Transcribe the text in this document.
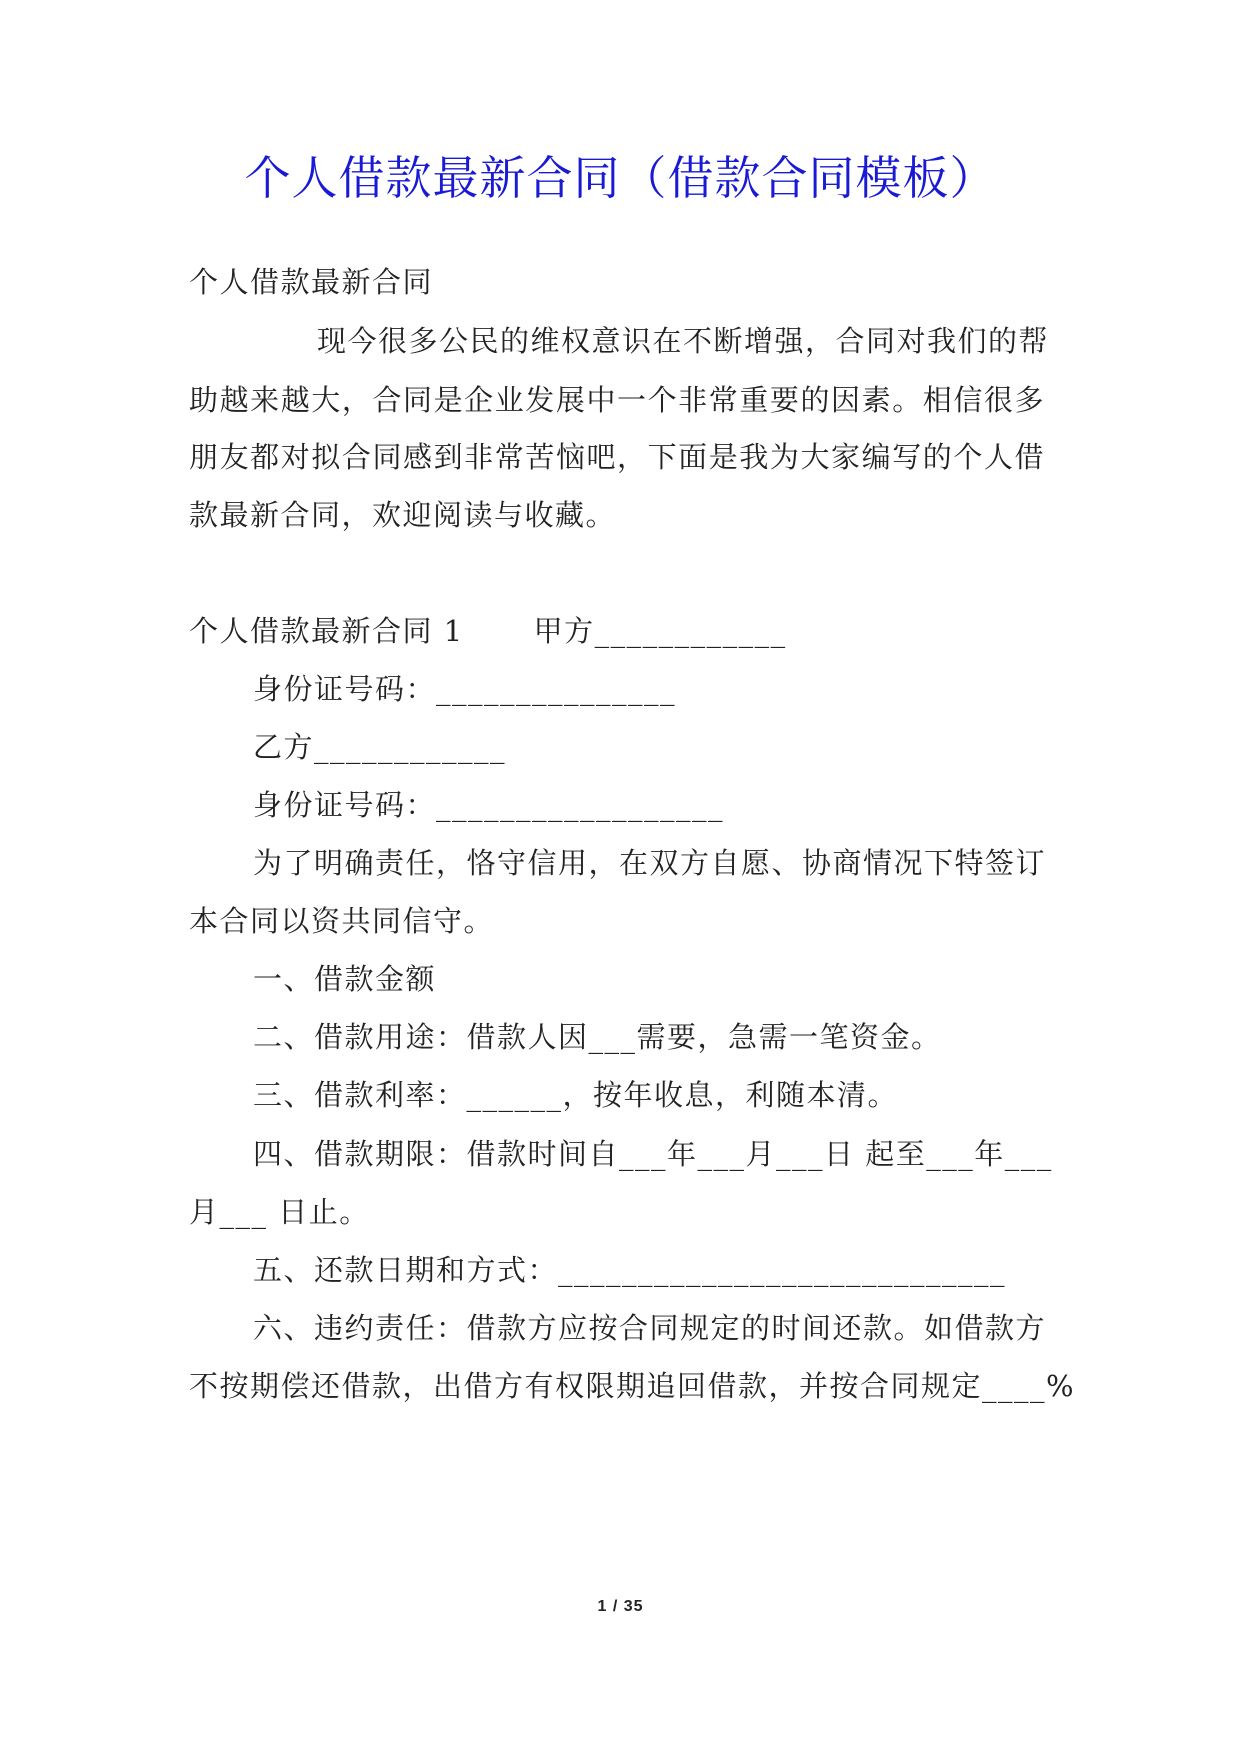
个人借款最新合同（借款合同模板）
个人借款最新合同
现今很多公民的维权意识在不断增强，合同对我们的帮
助越来越大，合同是企业发展中一个非常重要的因素。相信很多
朋友都对拟合同感到非常苦恼吧，下面是我为大家编写的个人借
款最新合同，欢迎阅读与收藏。
个人借款最新合同 1 甲方____________
身份证号码：_______________
乙方____________
身份证号码：__________________
为了明确责任，恪守信用，在双方自愿、协商情况下特签订
本合同以资共同信守。
一、借款金额
二、借款用途：借款人因___需要，急需一笔资金。
三、借款利率：______，按年收息，利随本清。
四、借款期限：借款时间自___年___月___日 起至___年___
月___ 日止。
五、还款日期和方式：____________________________
六、违约责任：借款方应按合同规定的时间还款。如借款方
不按期偿还借款，出借方有权限期追回借款，并按合同规定____%
1 / 35
